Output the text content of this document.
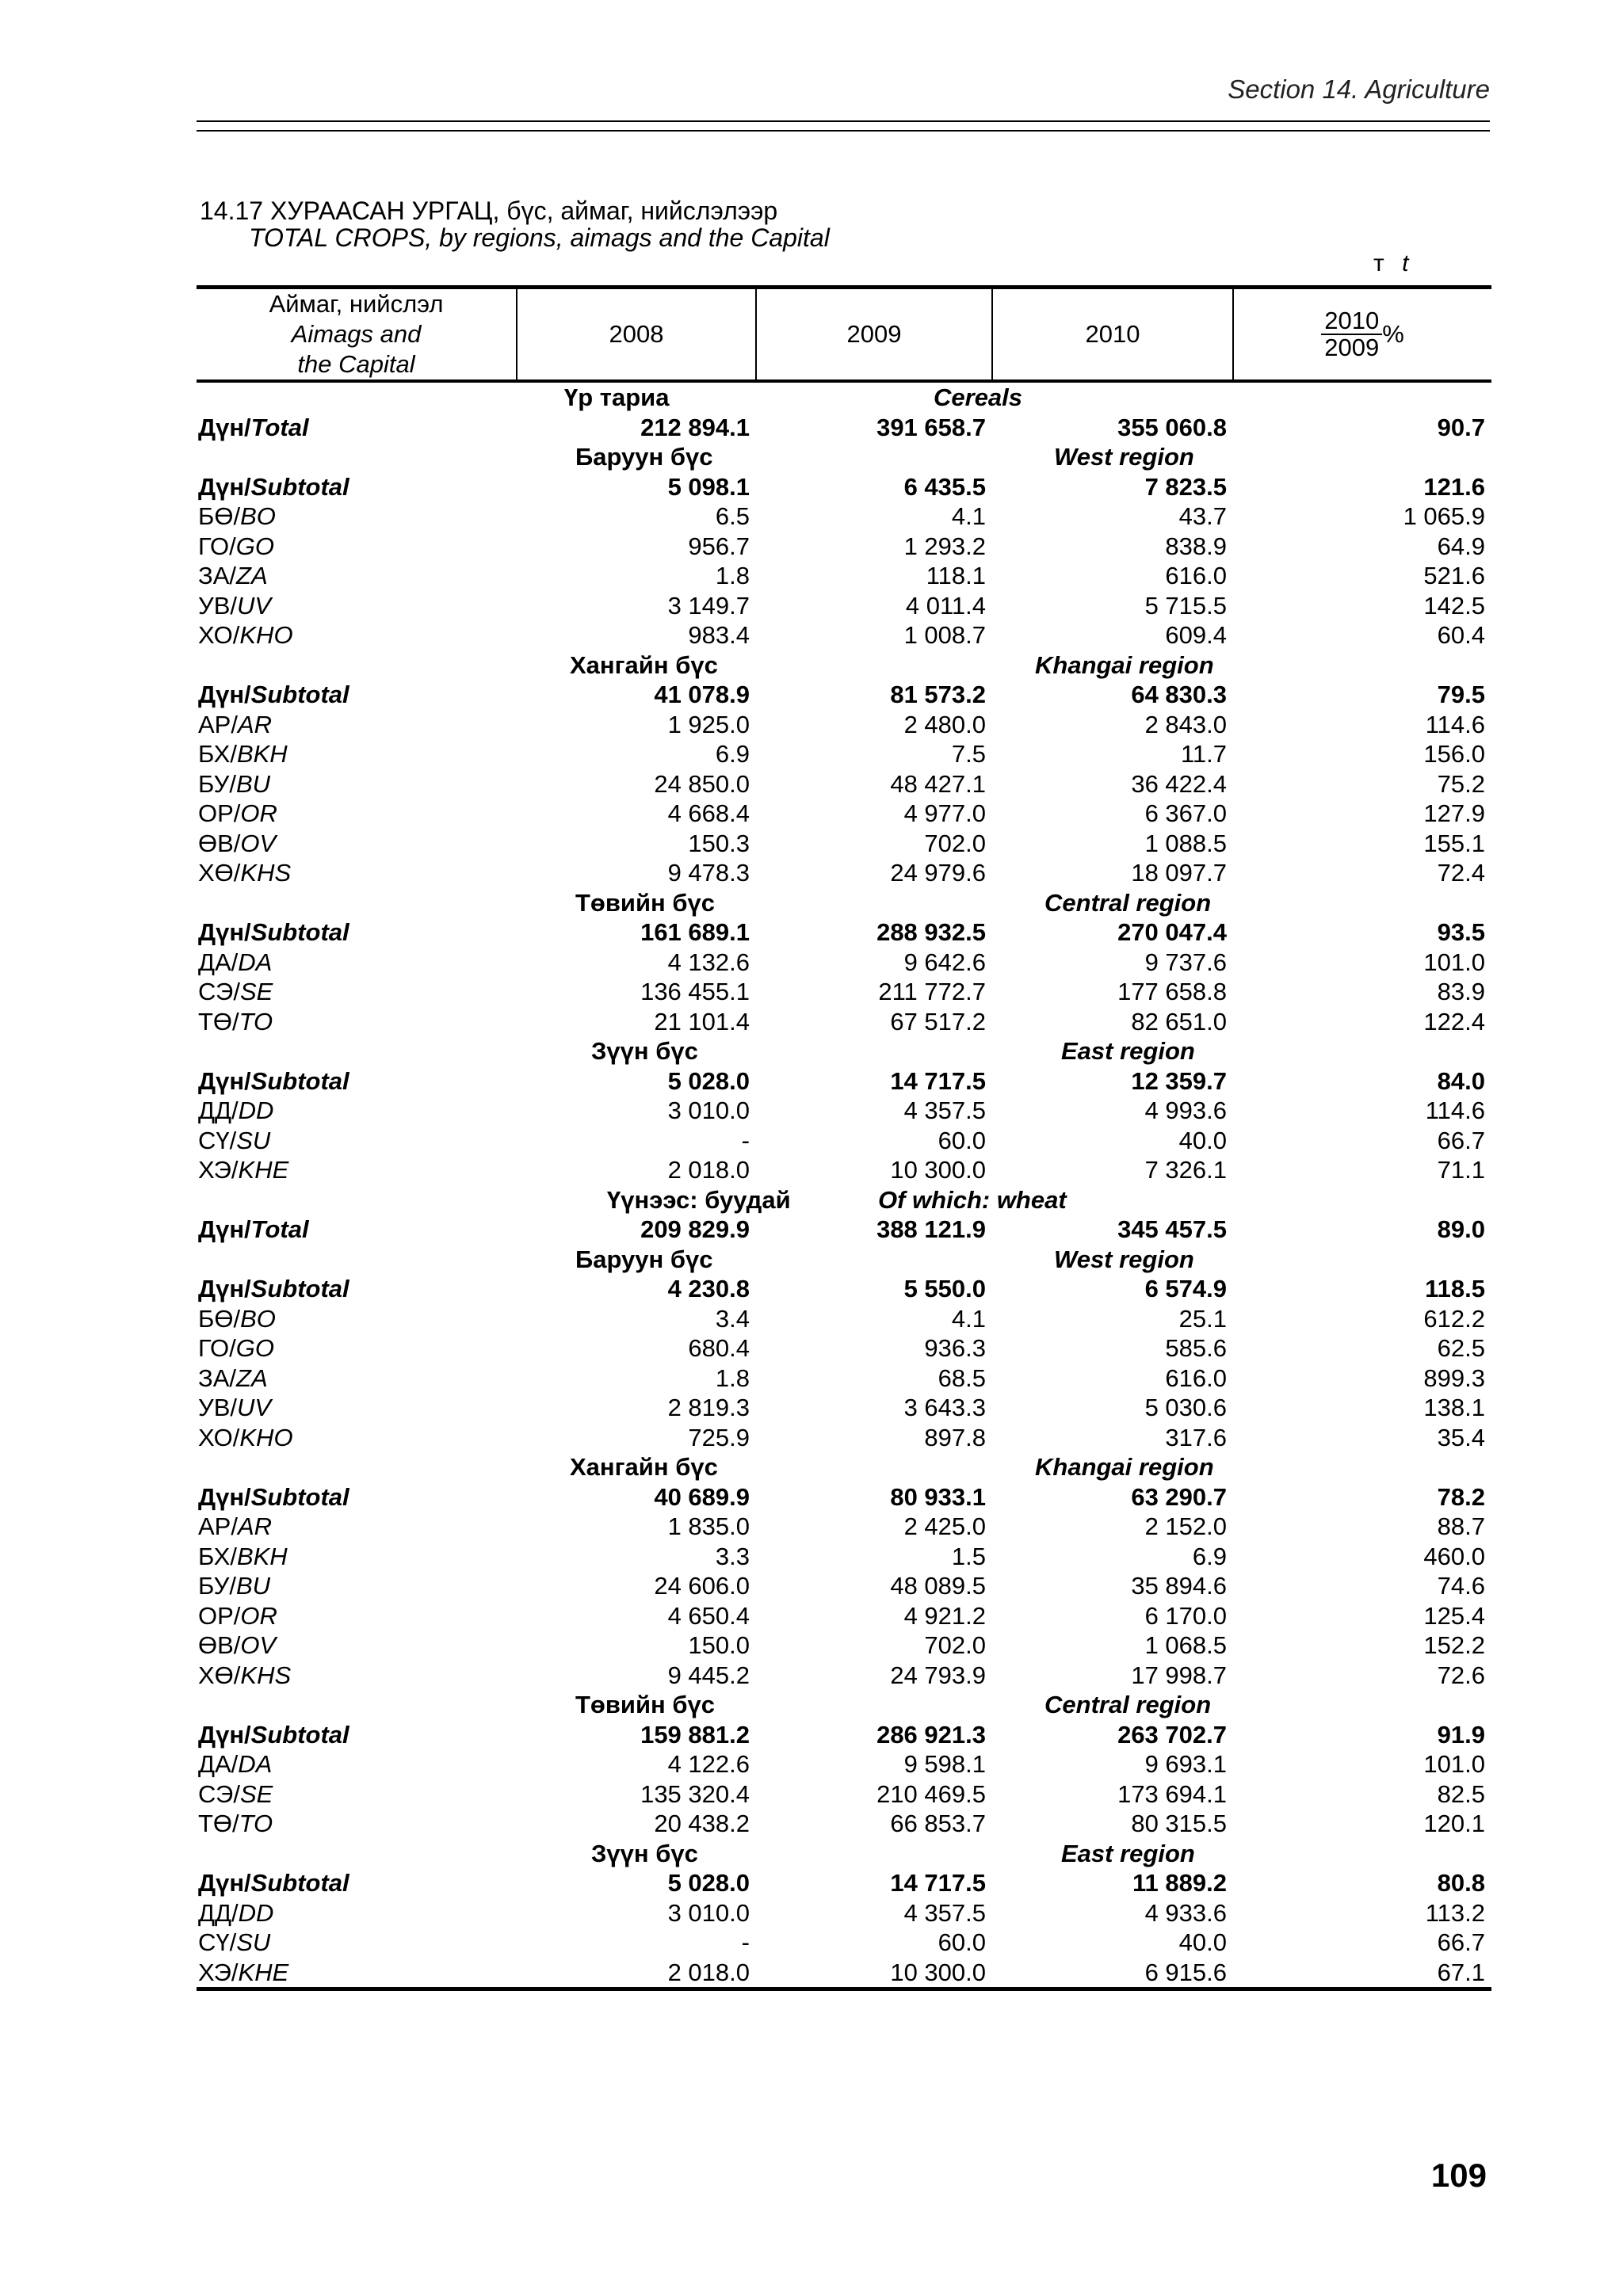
Section 14. Agriculture
14.17 ХУРААСАН УРГАЦ, бүс, аймаг, нийслэлээр
TOTAL CROPS, by regions, aimags and the Capital
т t
Аймаг, нийслэл
Aimags and
the Capital	2008	2009	2010	$\frac{2010}{2009}$ %

Үр тариа Cereals				

Дүн/Total	212 894.1	391 658.7	355 060.8	90.7

Баруун бүс West region				

Дүн/Subtotal	5 098.1	6 435.5	7 823.5	121.6
БӨ/BO	6.5	4.1	43.7	1 065.9
ГО/GO	956.7	1 293.2	838.9	64.9
ЗА/ZA	1.8	118.1	616.0	521.6
УВ/UV	3 149.7	4 011.4	5 715.5	142.5
ХО/KHO	983.4	1 008.7	609.4	60.4

Хангайн бүс Khangai region				

Дүн/Subtotal	41 078.9	81 573.2	64 830.3	79.5
АР/AR	1 925.0	2 480.0	2 843.0	114.6
БХ/BKH	6.9	7.5	11.7	156.0
БУ/BU	24 850.0	48 427.1	36 422.4	75.2
ОР/OR	4 668.4	4 977.0	6 367.0	127.9
ӨВ/OV	150.3	702.0	1 088.5	155.1
ХӨ/KHS	9 478.3	24 979.6	18 097.7	72.4

Төвийн бүс Central region				

Дүн/Subtotal	161 689.1	288 932.5	270 047.4	93.5
ДА/DA	4 132.6	9 642.6	9 737.6	101.0
СЭ/SE	136 455.1	211 772.7	177 658.8	83.9
ТӨ/TO	21 101.4	67 517.2	82 651.0	122.4

Зүүн бүс East region				

Дүн/Subtotal	5 028.0	14 717.5	12 359.7	84.0
ДД/DD	3 010.0	4 357.5	4 993.6	114.6
СҮ/SU	-	60.0	40.0	66.7
ХЭ/KHE	2 018.0	10 300.0	7 326.1	71.1

Үүнээс: буудай Of which: wheat				

Дүн/Total	209 829.9	388 121.9	345 457.5	89.0

Баруун бүс West region				

Дүн/Subtotal	4 230.8	5 550.0	6 574.9	118.5
БӨ/BO	3.4	4.1	25.1	612.2
ГО/GO	680.4	936.3	585.6	62.5
ЗА/ZA	1.8	68.5	616.0	899.3
УВ/UV	2 819.3	3 643.3	5 030.6	138.1
ХО/KHO	725.9	897.8	317.6	35.4

Хангайн бүс Khangai region				

Дүн/Subtotal	40 689.9	80 933.1	63 290.7	78.2
АР/AR	1 835.0	2 425.0	2 152.0	88.7
БХ/BKH	3.3	1.5	6.9	460.0
БУ/BU	24 606.0	48 089.5	35 894.6	74.6
ОР/OR	4 650.4	4 921.2	6 170.0	125.4
ӨВ/OV	150.0	702.0	1 068.5	152.2
ХӨ/KHS	9 445.2	24 793.9	17 998.7	72.6

Төвийн бүс Central region				

Дүн/Subtotal	159 881.2	286 921.3	263 702.7	91.9
ДА/DA	4 122.6	9 598.1	9 693.1	101.0
СЭ/SE	135 320.4	210 469.5	173 694.1	82.5
ТӨ/TO	20 438.2	66 853.7	80 315.5	120.1

Зүүн бүс East region				

Дүн/Subtotal	5 028.0	14 717.5	11 889.2	80.8
ДД/DD	3 010.0	4 357.5	4 933.6	113.2
СҮ/SU	-	60.0	40.0	66.7
ХЭ/KHE	2 018.0	10 300.0	6 915.6	67.1
109
